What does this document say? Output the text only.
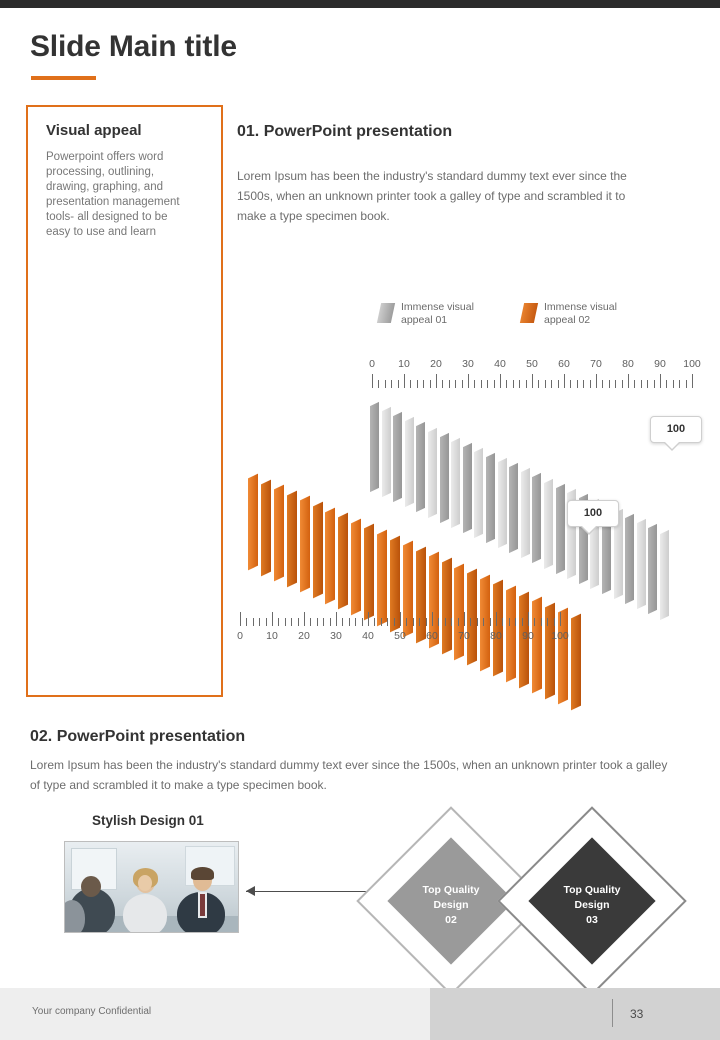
Slide Main title
Visual appeal
Powerpoint offers word processing, outlining, drawing, graphing, and presentation management tools- all designed to be easy to use and learn
01. PowerPoint presentation
Lorem Ipsum has been the industry's standard dummy text ever since the 1500s, when an unknown printer took a galley of type and scrambled it to make a type specimen book.
Immense visual appeal 01
Immense visual appeal 02
0 10 20 30 40 50 60 70 80 90 100
100
100
0 10 20 30 40 50 60 70 80 90 100
02. PowerPoint presentation
Lorem Ipsum has been the industry's standard dummy text ever since the 1500s, when an unknown printer took a galley of type and scrambled it to make a type specimen book.
Stylish Design 01
Top Quality
Design
02
Top Quality
Design
03
Your company Confidential	33
